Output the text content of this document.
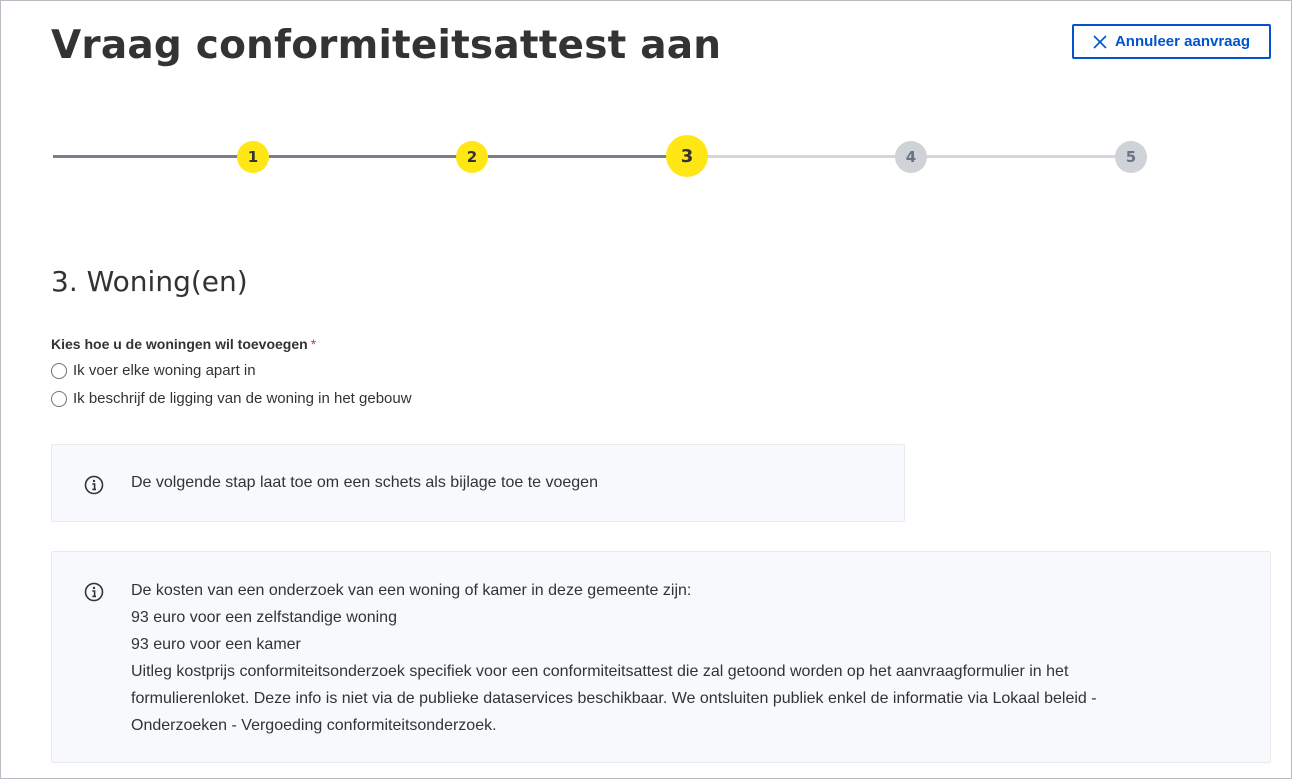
Vraag conformiteitsattest aan	Annuleer aanvraag
1	2	3	4	5
3. Woning(en)
Kies hoe u de woningen wil toevoegen *
Ik voer elke woning apart in
Ik beschrijf de ligging van de woning in het gebouw
De volgende stap laat toe om een schets als bijlage toe te voegen
De kosten van een onderzoek van een woning of kamer in deze gemeente zijn:
93 euro voor een zelfstandige woning
93 euro voor een kamer
Uitleg kostprijs conformiteitsonderzoek specifiek voor een conformiteitsattest die zal getoond worden op het aanvraagformulier in het
formulierenloket. Deze info is niet via de publieke dataservices beschikbaar. We ontsluiten publiek enkel de informatie via Lokaal beleid -
Onderzoeken - Vergoeding conformiteitsonderzoek.
